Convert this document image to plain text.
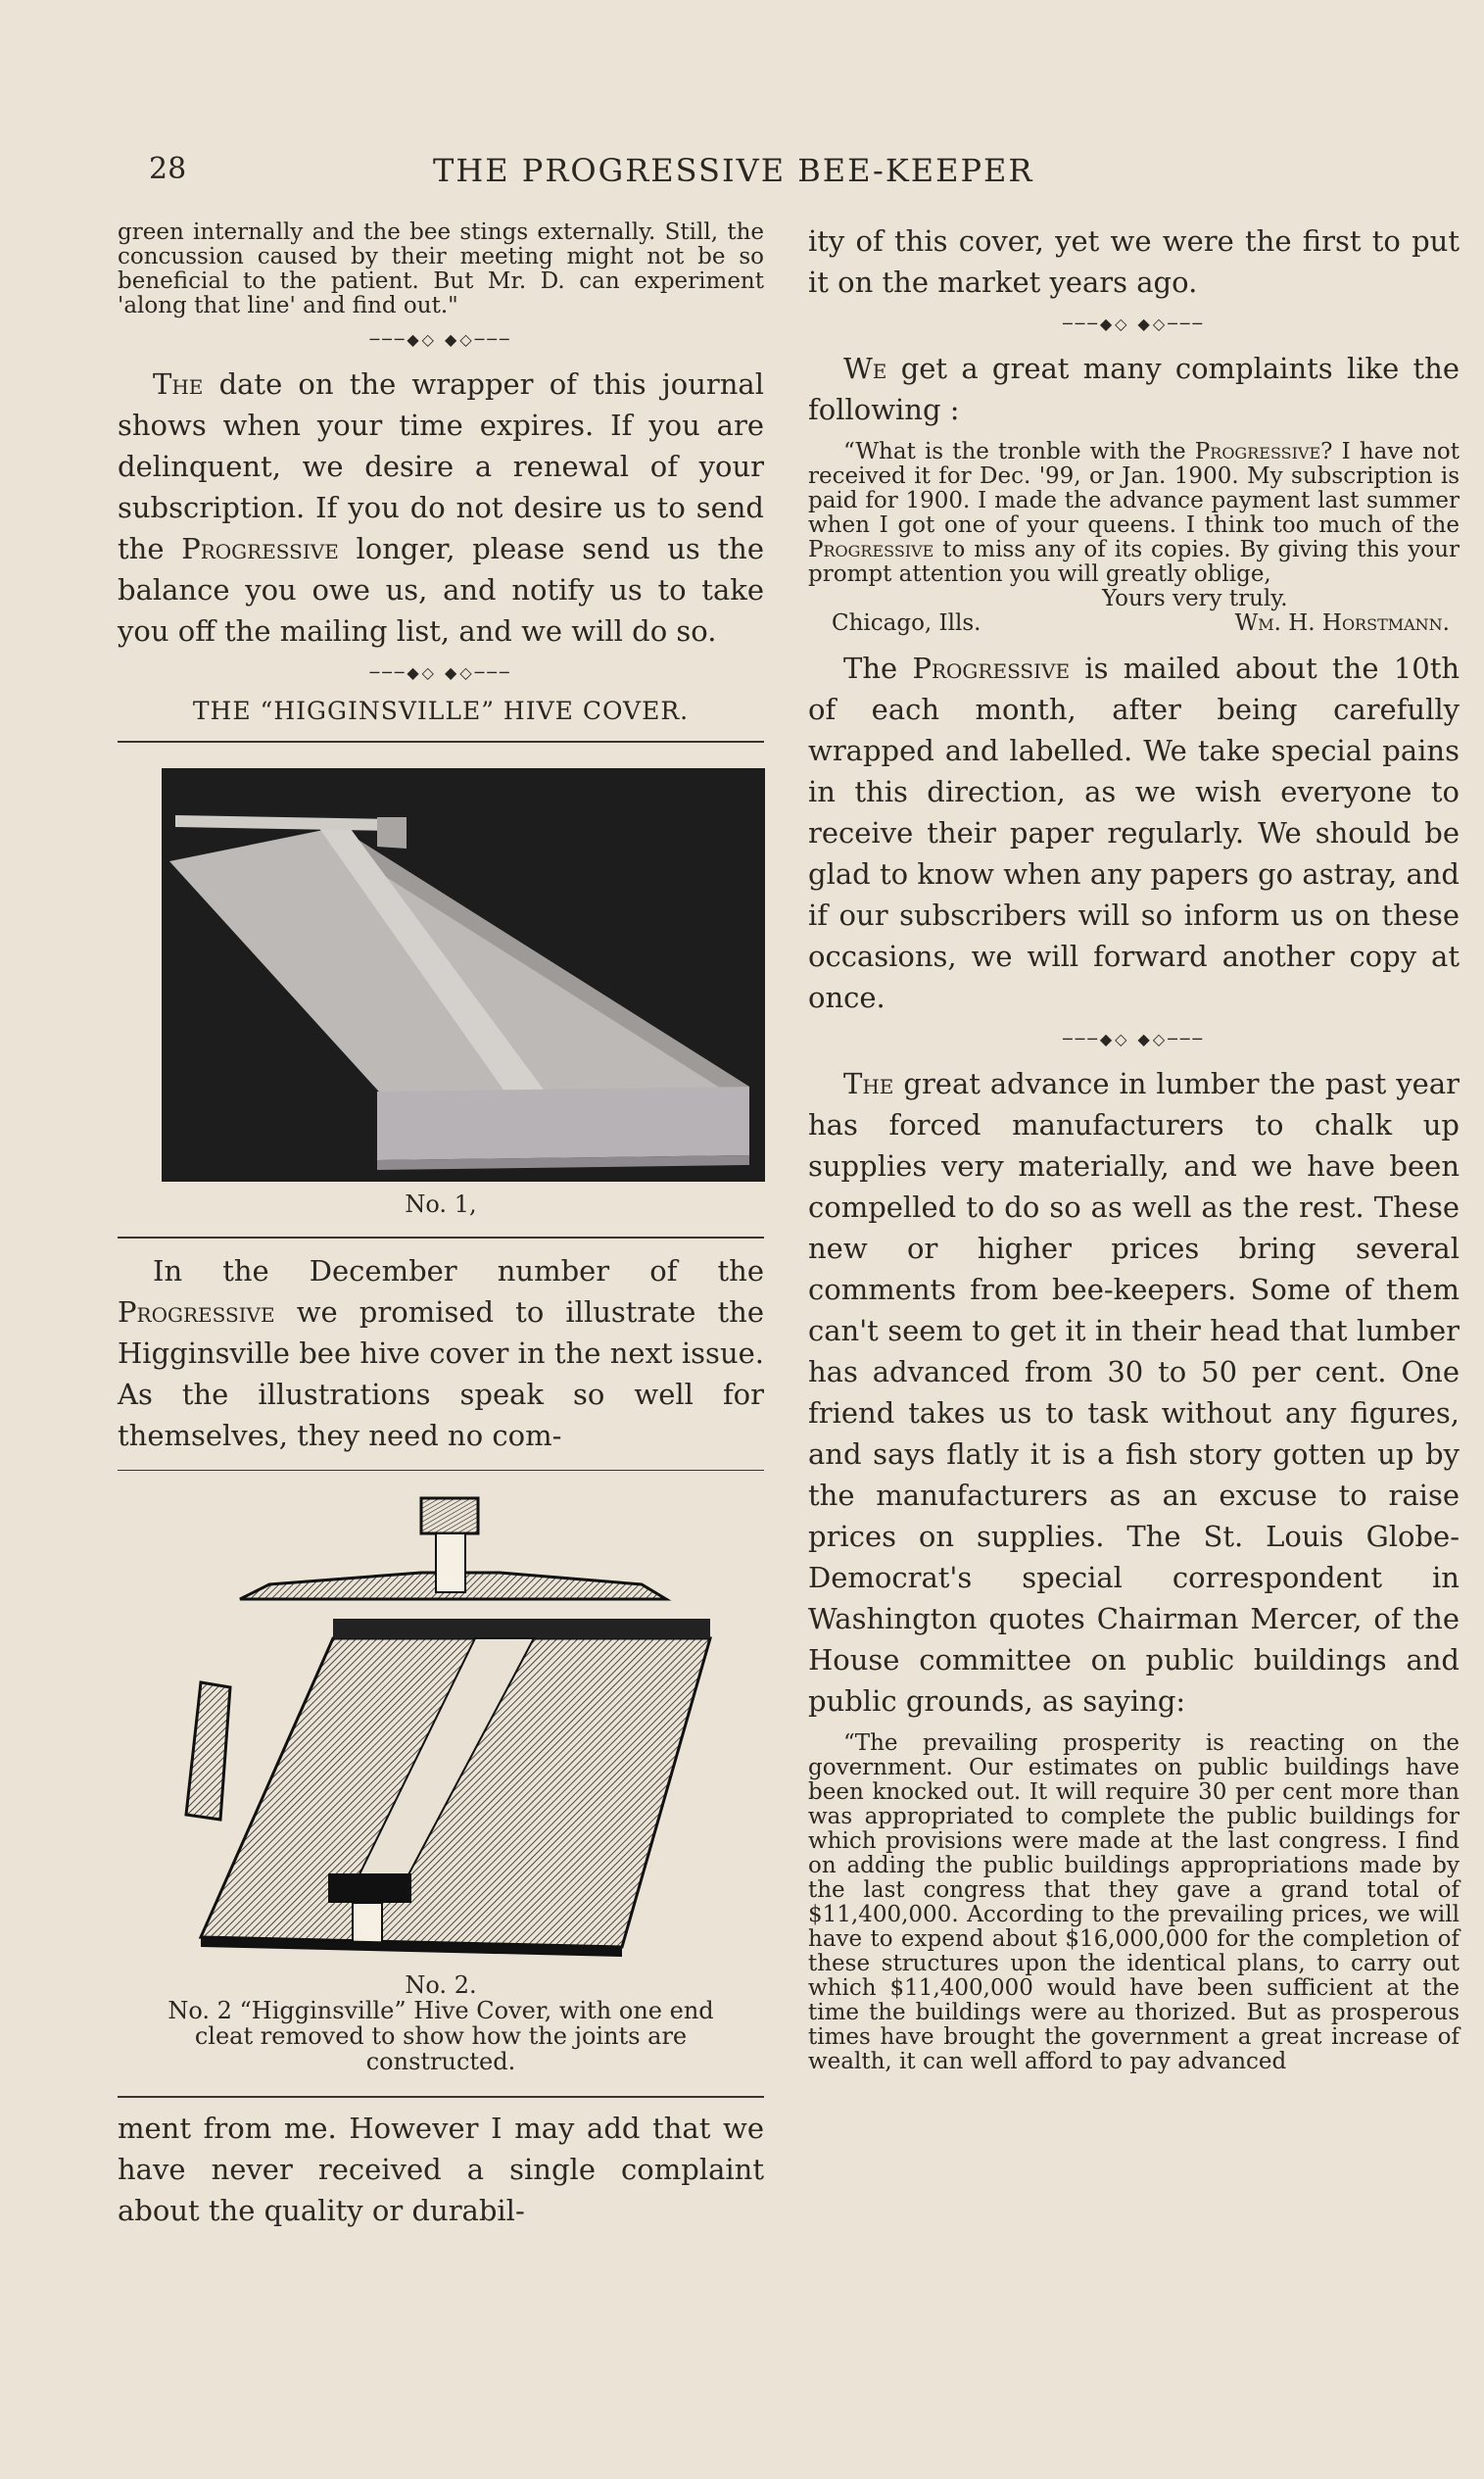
28	THE PROGRESSIVE BEE-KEEPER

green internally and the bee stings externally. Still, the concussion caused by their meeting might not be so beneficial to the patient. But Mr. D. can experiment 'along that line' and find out."

───◆◇ ◆◇───

The date on the wrapper of this journal shows when your time expires. If you are delinquent, we desire a renewal of your subscription. If you do not desire us to send the Progressive longer, please send us the balance you owe us, and notify us to take you off the mailing list, and we will do so.

───◆◇ ◆◇───
THE “HIGGINSVILLE” HIVE COVER.
No. 1,

In the December number of the Progressive we promised to illustrate the Higginsville bee hive cover in the next issue. As the illustrations speak so well for themselves, they need no com-

No. 2.
No. 2 “Higginsville” Hive Cover, with one end cleat removed to show how the joints are constructed.

ment from me. However I may add that we have never received a single complaint about the quality or durabil-

ity of this cover, yet we were the first to put it on the market years ago.

───◆◇ ◆◇───

We get a great many complaints like the following :

“What is the tronble with the Progressive? I have not received it for Dec. '99, or Jan. 1900. My subscription is paid for 1900. I made the advance payment last summer when I got one of your queens. I think too much of the Progressive to miss any of its copies. By giving this your prompt attention you will greatly oblige,

Yours very truly.
Chicago, Ills.	Wm. H. Horstmann.

The Progressive is mailed about the 10th of each month, after being carefully wrapped and labelled. We take special pains in this direction, as we wish everyone to receive their paper regularly. We should be glad to know when any papers go astray, and if our subscribers will so inform us on these occasions, we will forward another copy at once.

───◆◇ ◆◇───

The great advance in lumber the past year has forced manufacturers to chalk up supplies very materially, and we have been compelled to do so as well as the rest. These new or higher prices bring several comments from bee-keepers. Some of them can't seem to get it in their head that lumber has advanced from 30 to 50 per cent. One friend takes us to task without any figures, and says flatly it is a fish story gotten up by the manufacturers as an excuse to raise prices on supplies. The St. Louis Globe-Democrat's special correspondent in Washington quotes Chairman Mercer, of the House committee on public buildings and public grounds, as saying:

“The prevailing prosperity is reacting on the government. Our estimates on public buildings have been knocked out. It will require 30 per cent more than was appropriated to complete the public buildings for which provisions were made at the last congress. I find on adding the public buildings appropriations made by the last congress that they gave a grand total of $11,400,000. According to the prevailing prices, we will have to expend about $16,000,000 for the completion of these structures upon the identical plans, to carry out which $11,400,000 would have been sufficient at the time the buildings were au thorized. But as prosperous times have brought the government a great increase of wealth, it can well afford to pay advanced
